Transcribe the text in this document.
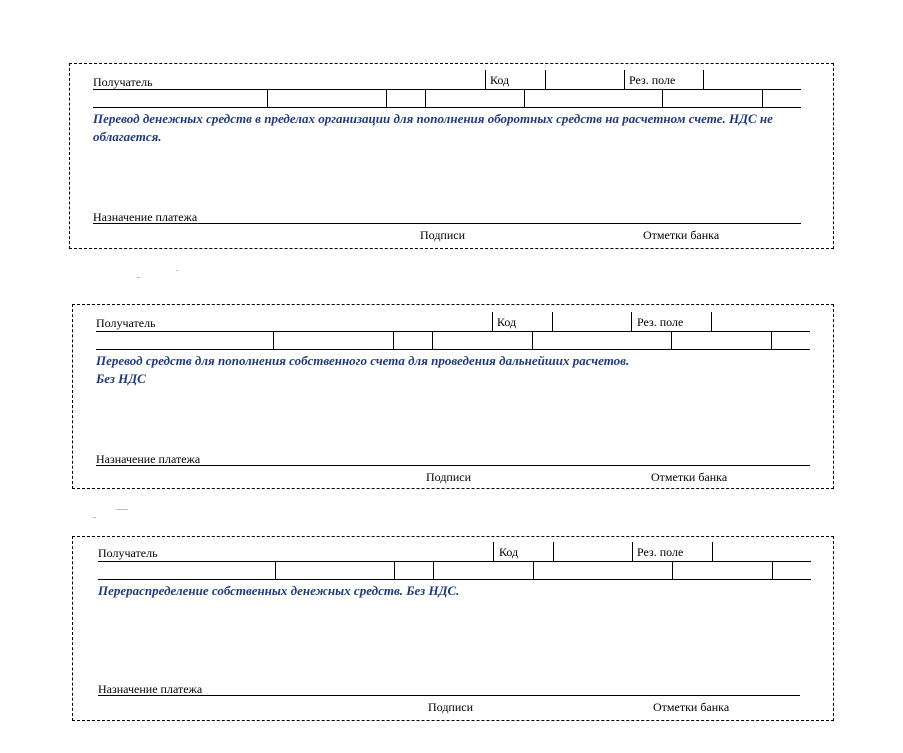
Получатель	Код	Рез. поле
Перевод денежных средств в пределах организации для пополнения оборотных средств на расчетном счете. НДС не облагается.
Назначение платежа
Подписи	Отметки банка
Получатель	Код	Рез. поле
Перевод средств для пополнения собственного счета для проведения дальнейших расчетов.
Без НДС
Назначение платежа
Подписи	Отметки банка
Получатель	Код	Рез. поле
Перераспределение собственных денежных средств. Без НДС.
Назначение платежа
Подписи	Отметки банка
